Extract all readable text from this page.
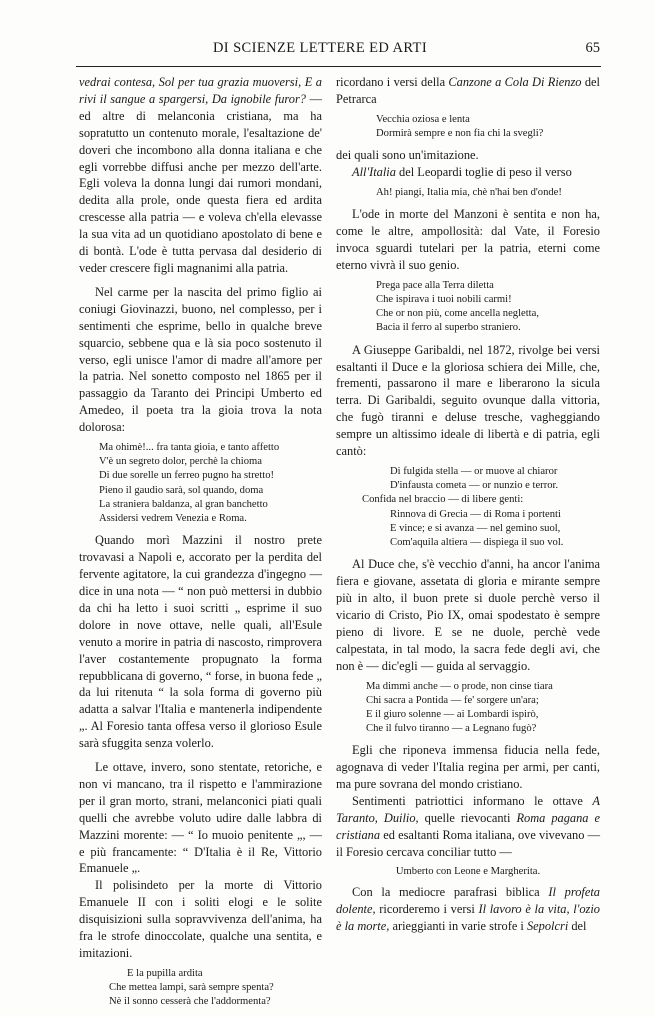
DI SCIENZE LETTERE ED ARTI	65

vedrai contesa, Sol per tua grazia muoversi, E a rivi il sangue a spargersi, Da ignobile furor? — ed altre di melanconia cristiana, ma ha sopratutto un contenuto morale, l'esaltazione de' doveri che incombono alla donna italiana e che egli vorrebbe diffusi anche per mezzo dell'arte. Egli voleva la donna lungi dai rumori mondani, dedita alla prole, onde questa fiera ed ardita crescesse alla patria — e voleva ch'ella elevasse la sua vita ad un quotidiano apostolato di bene e di bontà. L'ode è tutta pervasa dal desiderio di veder crescere figli magnanimi alla patria.

Nel carme per la nascita del primo figlio ai coniugi Giovinazzi, buono, nel complesso, per i sentimenti che esprime, bello in qualche breve squarcio, sebbene qua e là sia poco sostenuto il verso, egli unisce l'amor di madre all'amore per la patria. Nel sonetto composto nel 1865 per il passaggio da Taranto dei Principi Umberto ed Amedeo, il poeta tra la gioia trova la nota dolorosa:

Ma ohimè!... fra tanta gioia, e tanto affetto
V'è un segreto dolor, perchè la chioma
Di due sorelle un ferreo pugno ha stretto!
Pieno il gaudio sarà, sol quando, doma
La straniera baldanza, al gran banchetto
Assidersi vedrem Venezia e Roma.

Quando morì Mazzini il nostro prete trovavasi a Napoli e, accorato per la perdita del fervente agitatore, la cui grandezza d'ingegno — dice in una nota — “ non può mettersi in dubbio da chi ha letto i suoi scritti „ esprime il suo dolore in nove ottave, nelle quali, all'Esule venuto a morire in patria di nascosto, rimprovera l'aver costantemente propugnato la forma repubblicana di governo, “ forse, in buona fede „ da lui ritenuta “ la sola forma di governo più adatta a salvar l'Italia e mantenerla indipendente „. Al Foresio tanta offesa verso il glorioso Esule sarà sfuggita senza volerlo.

Le ottave, invero, sono stentate, retoriche, e non vi mancano, tra il rispetto e l'ammirazione per il gran morto, strani, melanconici piati quali quelli che avrebbe voluto udire dalle labbra di Mazzini morente: — “ Io muoio penitente „, — e più francamente: “ D'Italia è il Re, Vittorio Emanuele „.

Il polisindeto per la morte di Vittorio Emanuele II con i soliti elogi e le solite disquisizioni sulla sopravvivenza dell'anima, ha fra le strofe dinoccolate, qualche una sentita, e imitazioni.

E la pupilla ardita
Che mettea lampi, sarà sempre spenta?
Nè il sonno cesserà che l'addormenta?

ricordano i versi della Canzone a Cola Di Rienzo del Petrarca

Vecchia oziosa e lenta
Dormirà sempre e non fia chi la svegli?

dei quali sono un'imitazione.

All'Italia del Leopardi toglie di peso il verso

Ah! piangi, Italia mia, chè n'hai ben d'onde!

L'ode in morte del Manzoni è sentita e non ha, come le altre, ampollosità: dal Vate, il Foresio invoca sguardi tutelari per la patria, eterni come eterno vivrà il suo genio.

Prega pace alla Terra diletta
Che ispirava i tuoi nobili carmi!
Che or non più, come ancella negletta,
Bacia il ferro al superbo straniero.

A Giuseppe Garibaldi, nel 1872, rivolge bei versi esaltanti il Duce e la gloriosa schiera dei Mille, che, frementi, passarono il mare e liberarono la sicula terra. Di Garibaldi, seguito ovunque dalla vittoria, che fugò tiranni e deluse tresche, vagheggiando sempre un altissimo ideale di libertà e di patria, egli cantò:

Di fulgida stella — or muove al chiaror
D'infausta cometa — or nunzio e terror.
Confida nel braccio — di libere genti:
Rinnova di Grecia — di Roma i portenti
E vince; e si avanza — nel gemino suol,
Com'aquila altiera — dispiega il suo vol.

Al Duce che, s'è vecchio d'anni, ha ancor l'anima fiera e giovane, assetata di gloria e mirante sempre più in alto, il buon prete si duole perchè verso il vicario di Cristo, Pio IX, omai spodestato è sempre pieno di livore. E se ne duole, perchè vede calpestata, in tal modo, la sacra fede degli avi, che non è — dic'egli — guida al servaggio.

Ma dimmi anche — o prode, non cinse tiara
Chi sacra a Pontida — fe' sorgere un'ara;
E il giuro solenne — ai Lombardi ispirò,
Che il fulvo tiranno — a Legnano fugò?

Egli che riponeva immensa fiducia nella fede, agognava di veder l'Italia regina per armi, per canti, ma pure sovrana del mondo cristiano.

Sentimenti patriottici informano le ottave A Taranto, Duilio, quelle rievocanti Roma pagana e cristiana ed esaltanti Roma italiana, ove vivevano — il Foresio cercava conciliar tutto —

Umberto con Leone e Margherita.

Con la mediocre parafrasi biblica Il profeta dolente, ricorderemo i versi Il lavoro è la vita, l'ozio è la morte, arieggianti in varie strofe i Sepolcri del
